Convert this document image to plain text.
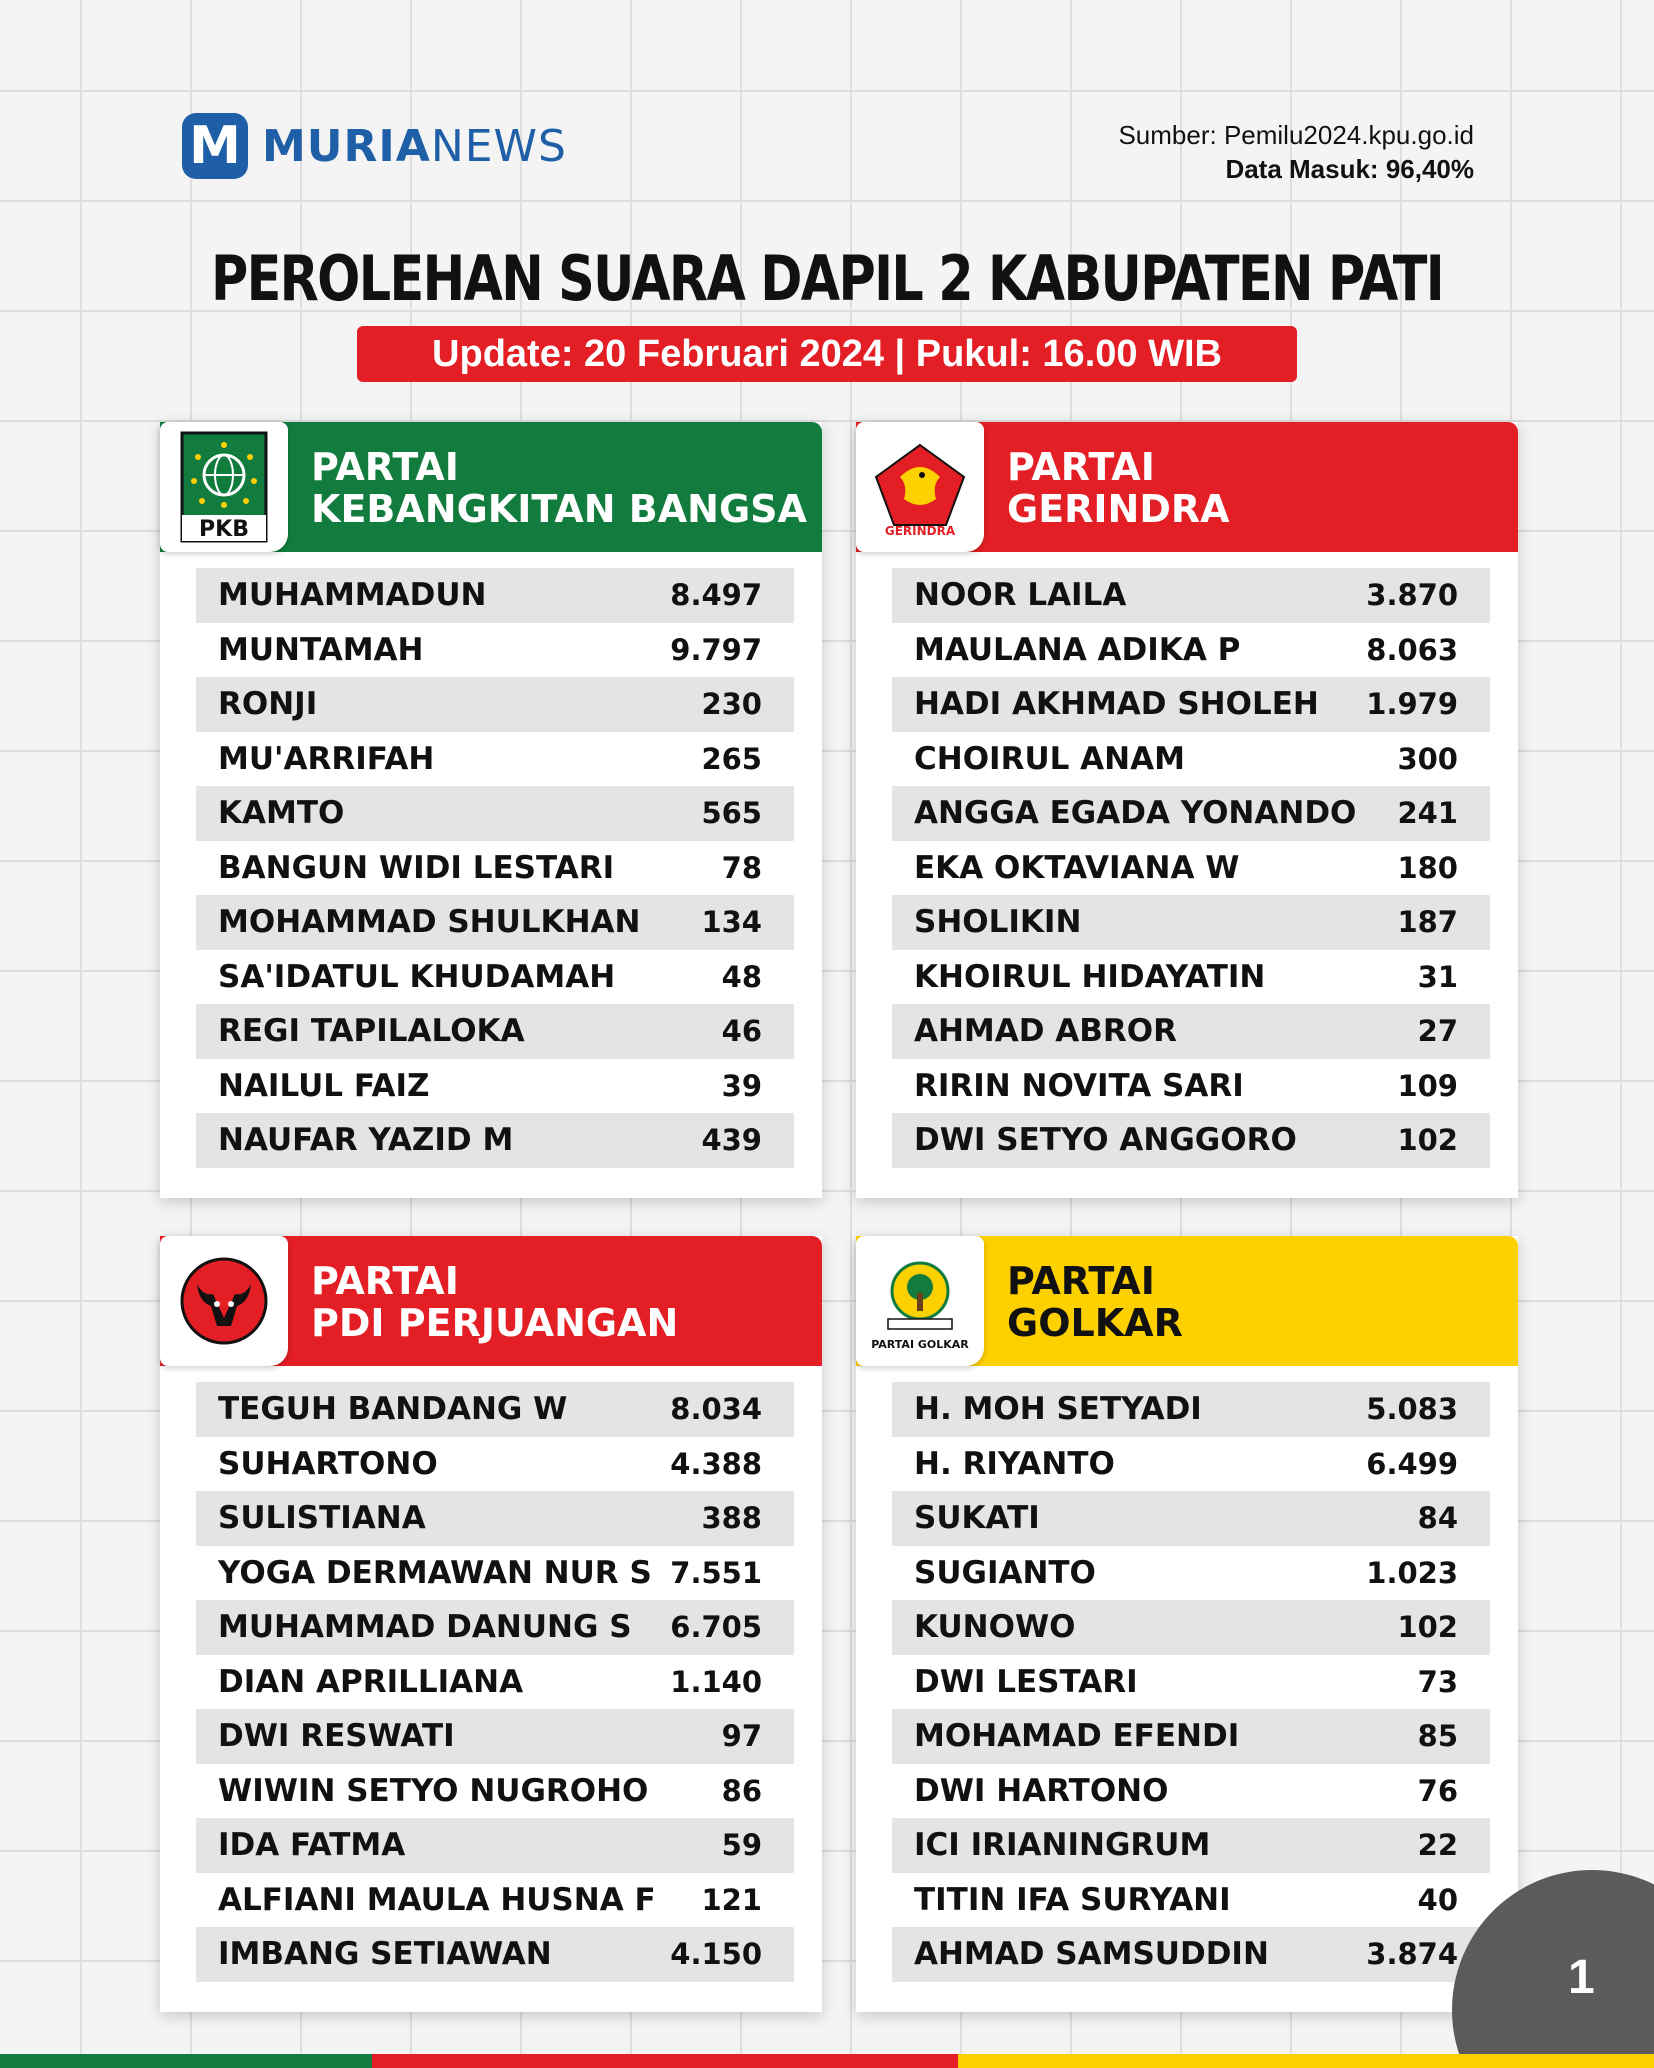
M MURIANEWS	Sumber: Pemilu2024.kpu.go.id
Data Masuk: 96,40%
PEROLEHAN SUARA DAPIL 2 KABUPATEN PATI
Update: 20 Februari 2024 | Pukul: 16.00 WIB
PKB
PARTAI
KEBANGKITAN BANGSA
MUHAMMADUN	8.497
MUNTAMAH	9.797
RONJI	230
MU'ARRIFAH	265
KAMTO	565
BANGUN WIDI LESTARI	78
MOHAMMAD SHULKHAN 134
SA'IDATUL KHUDAMAH	48
REGI TAPILALOKA	46
NAILUL FAIZ	39
NAUFAR YAZID M	439
GERINDRA
PARTAI
GERINDRA
NOOR LAILA	3.870
MAULANA ADIKA P	8.063
HADI AKHMAD SHOLEH 1.979
CHOIRUL ANAM	300
ANGGA EGADA YONANDO 241
EKA OKTAVIANA W	180
SHOLIKIN	187
KHOIRUL HIDAYATIN	31
AHMAD ABROR	27
RIRIN NOVITA SARI	109
DWI SETYO ANGGORO	102
PARTAI
PDI PERJUANGAN
TEGUH BANDANG W	8.034
SUHARTONO	4.388
SULISTIANA	388
YOGA DERMAWAN NUR S 7.551
MUHAMMAD DANUNG S 6.705
DIAN APRILLIANA	1.140
DWI RESWATI	97
WIWIN SETYO NUGROHO	86
IDA FATMA	59
ALFIANI MAULA HUSNA F 121
IMBANG SETIAWAN	4.150
PARTAI GOLKAR
PARTAI
GOLKAR
H. MOH SETYADI	5.083
H. RIYANTO	6.499
SUKATI	84
SUGIANTO	1.023
KUNOWO	102
DWI LESTARI	73
MOHAMAD EFENDI	85
DWI HARTONO	76
ICI IRIANINGRUM	22
TITIN IFA SURYANI	40
AHMAD SAMSUDDIN	3.874 1
